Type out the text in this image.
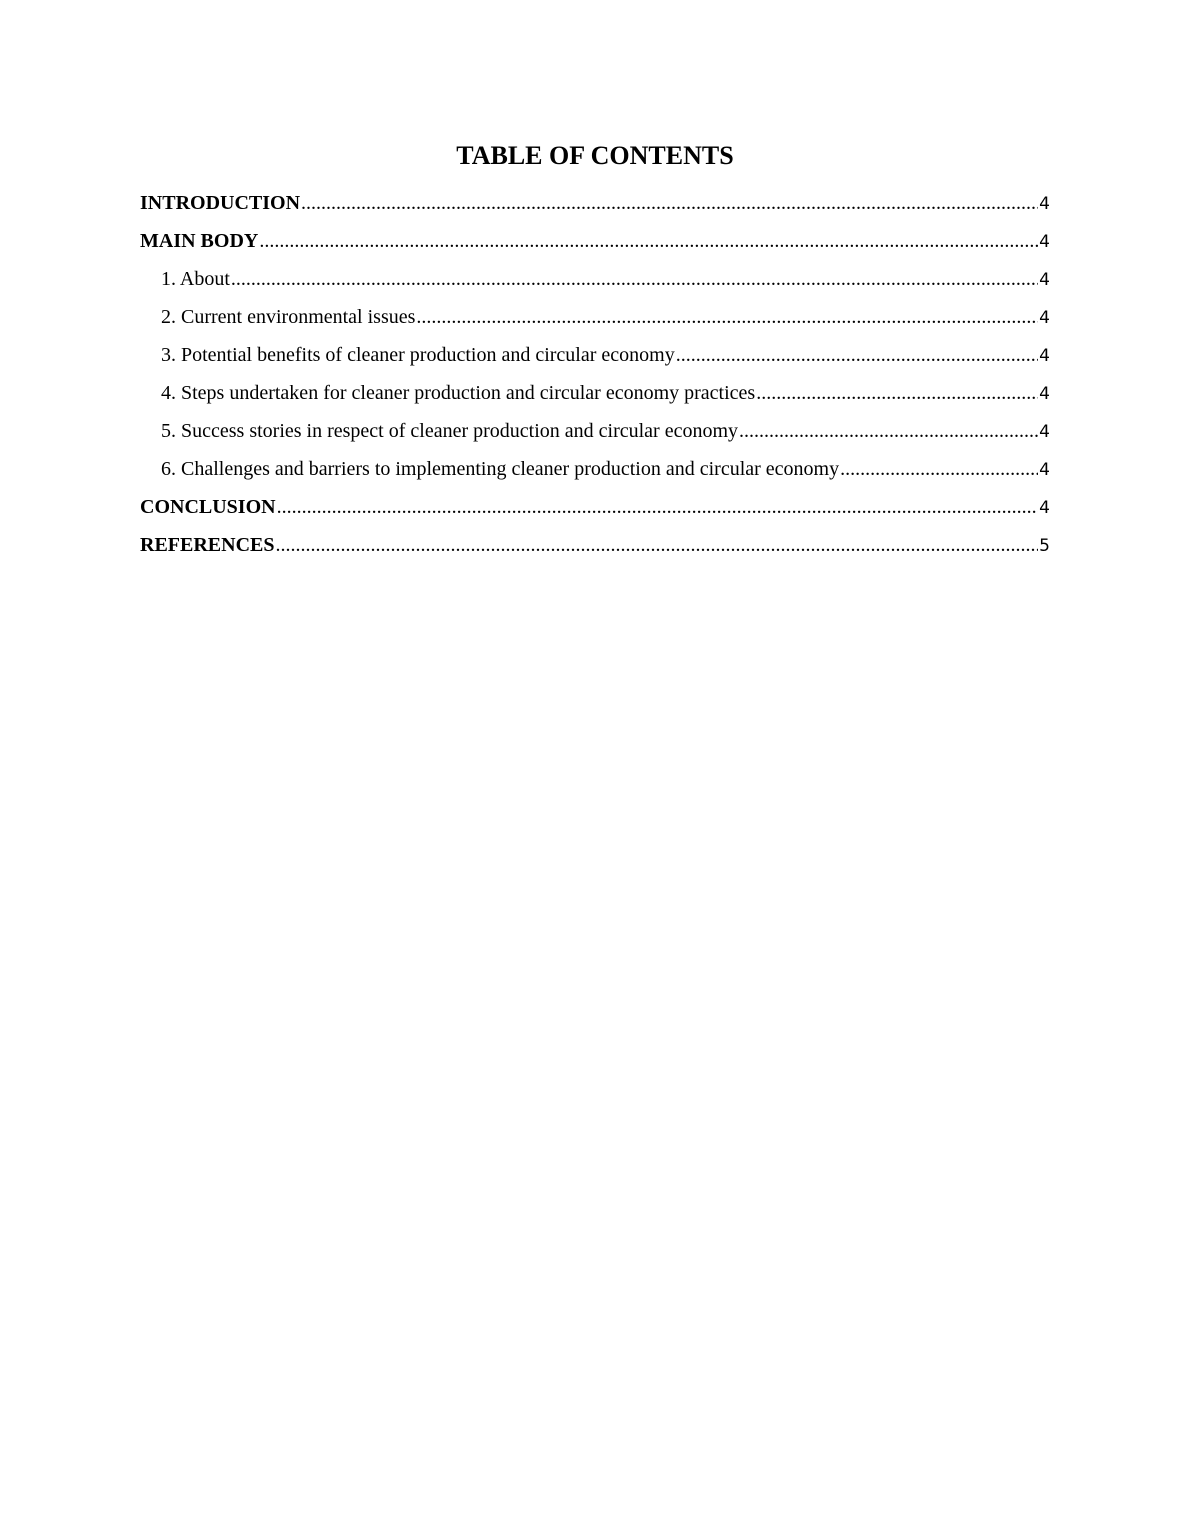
TABLE OF CONTENTS
INTRODUCTION .....	4
MAIN BODY .....	4
1. About .....	4
2. Current environmental issues .....	4
3. Potential benefits of cleaner production and circular economy .....	4
4. Steps undertaken for cleaner production and circular economy practices .....	4
5. Success stories in respect of cleaner production and circular economy .....	4
6. Challenges and barriers to implementing cleaner production and circular economy .....	4
CONCLUSION .....	4
REFERENCES .....	5
